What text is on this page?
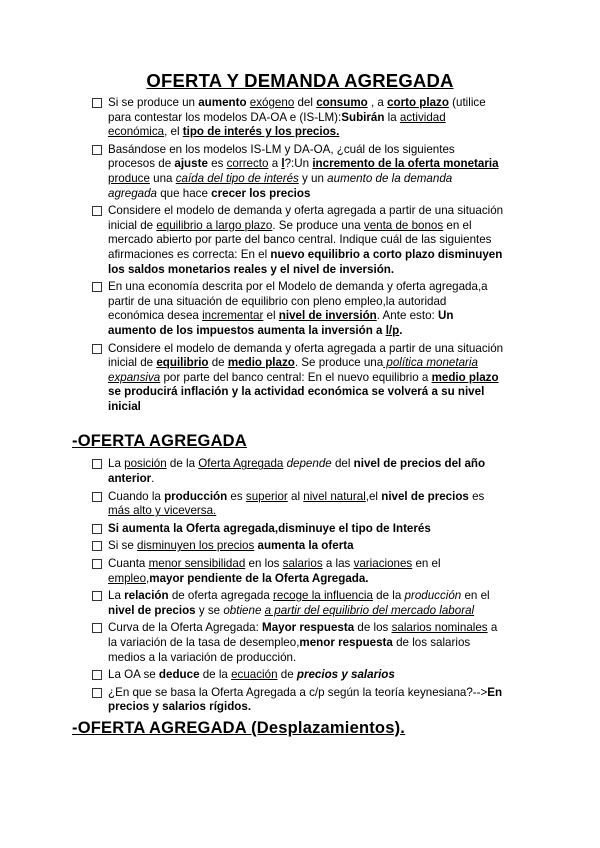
OFERTA Y DEMANDA AGREGADA
Si se produce un aumento exógeno del consumo , a corto plazo (utilice para contestar los modelos DA-OA e (IS-LM):Subirán la actividad económica, el tipo de interés y los precios.
Basándose en los modelos IS-LM y DA-OA, ¿cuál de los siguientes procesos de ajuste es correcto a l?:Un incremento de la oferta monetaria produce una caída del tipo de interés y un aumento de la demanda agregada que hace crecer los precios
Considere el modelo de demanda y oferta agregada a partir de una situación inicial de equilibrio a largo plazo. Se produce una venta de bonos en el mercado abierto por parte del banco central. Indique cuál de las siguientes afirmaciones es correcta: En el nuevo equilibrio a corto plazo disminuyen los saldos monetarios reales y el nivel de inversión.
En una economía descrita por el Modelo de demanda y oferta agregada,a partir de una situación de equilibrio con pleno empleo,la autoridad económica desea incrementar el nivel de inversión. Ante esto: Un aumento de los impuestos aumenta la inversión a l/p.
Considere el modelo de demanda y oferta agregada a partir de una situación inicial de equilibrio de medio plazo. Se produce una política monetaria expansiva por parte del banco central: En el nuevo equilibrio a medio plazo se producirá inflación y la actividad económica se volverá a su nivel inicial
-OFERTA AGREGADA
La posición de la Oferta Agregada depende del nivel de precios del año anterior.
Cuando la producción es superior al nivel natural,el nivel de precios es más alto y viceversa.
Si aumenta la Oferta agregada,disminuye el tipo de Interés
Si se disminuyen los precios aumenta la oferta
Cuanta menor sensibilidad en los salarios a las variaciones en el empleo,mayor pendiente de la Oferta Agregada.
La relación de oferta agregada recoge la influencia de la producción en el nivel de precios y se obtiene a partir del equilibrio del mercado laboral
Curva de la Oferta Agregada: Mayor respuesta de los salarios nominales a la variación de la tasa de desempleo,menor respuesta de los salarios medios a la variación de producción.
La OA se deduce de la ecuación de precios y salarios
¿En que se basa la Oferta Agregada a c/p según la teoría keynesiana?-->En precios y salarios rígidos.
-OFERTA AGREGADA (Desplazamientos).
